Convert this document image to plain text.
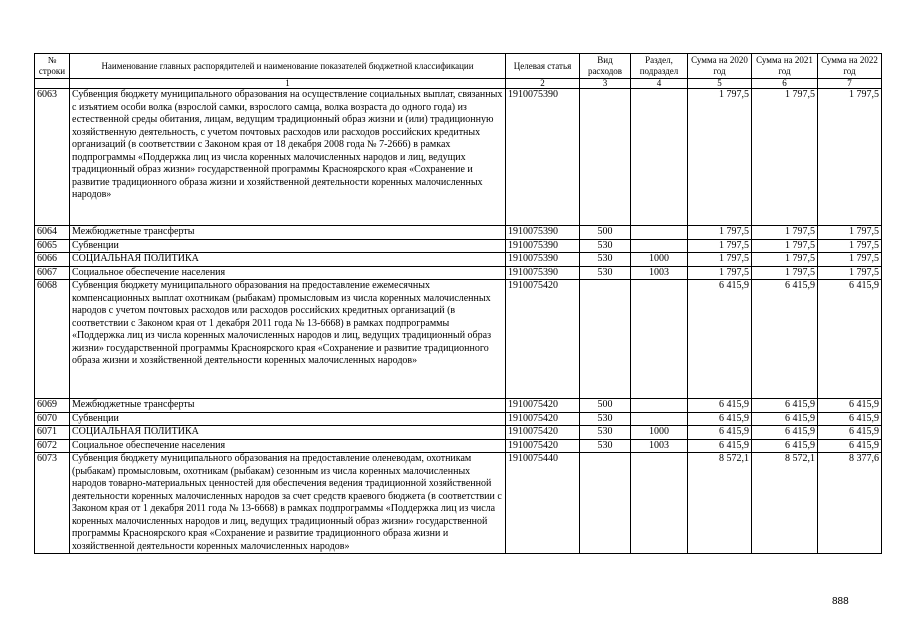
№ строки	Наименование главных распорядителей и наименование показателей бюджетной классификации	Целевая статья	Вид расходов	Раздел, подраздел	Сумма на 2020 год	Сумма на 2021 год	Сумма на 2022 год
	1	2	3	4	5	6	7
6063	Субвенция бюджету муниципального образования на осуществление социальных выплат, связанных с изъятием особи волка (взрослой самки, взрослого самца, волка возраста до одного года) из естественной среды обитания, лицам, ведущим традиционный образ жизни и (или) традиционную хозяйственную деятельность, с учетом почтовых расходов или расходов российских кредитных организаций (в соответствии с Законом края от 18 декабря 2008 года № 7-2666) в рамках подпрограммы «Поддержка лиц из числа коренных малочисленных народов и лиц, ведущих традиционный образ жизни» государственной программы Красноярского края «Сохранение и развитие традиционного образа жизни и хозяйственной деятельности коренных малочисленных народов»	1910075390			1 797,5	1 797,5	1 797,5
6064	Межбюджетные трансферты	1910075390	500		1 797,5	1 797,5	1 797,5
6065	Субвенции	1910075390	530		1 797,5	1 797,5	1 797,5
6066	СОЦИАЛЬНАЯ ПОЛИТИКА	1910075390	530	1000	1 797,5	1 797,5	1 797,5
6067	Социальное обеспечение населения	1910075390	530	1003	1 797,5	1 797,5	1 797,5
6068	Субвенция бюджету муниципального образования на предоставление ежемесячных компенсационных выплат охотникам (рыбакам) промысловым из числа коренных малочисленных народов с учетом почтовых расходов или расходов российских кредитных организаций (в соответствии с Законом края от 1 декабря 2011 года № 13-6668) в рамках подпрограммы «Поддержка лиц из числа коренных малочисленных народов и лиц, ведущих традиционный образ жизни» государственной программы Красноярского края «Сохранение и развитие традиционного образа жизни и хозяйственной деятельности коренных малочисленных народов»	1910075420			6 415,9	6 415,9	6 415,9
6069	Межбюджетные трансферты	1910075420	500		6 415,9	6 415,9	6 415,9
6070	Субвенции	1910075420	530		6 415,9	6 415,9	6 415,9
6071	СОЦИАЛЬНАЯ ПОЛИТИКА	1910075420	530	1000	6 415,9	6 415,9	6 415,9
6072	Социальное обеспечение населения	1910075420	530	1003	6 415,9	6 415,9	6 415,9
6073	Субвенция бюджету муниципального образования на предоставление оленеводам, охотникам (рыбакам) промысловым, охотникам (рыбакам) сезонным из числа коренных малочисленных народов товарно-материальных ценностей для обеспечения ведения традиционной хозяйственной деятельности коренных малочисленных народов за счет средств краевого бюджета (в соответствии с Законом края от 1 декабря 2011 года № 13-6668) в рамках подпрограммы «Поддержка лиц из числа коренных малочисленных народов и лиц, ведущих традиционный образ жизни» государственной программы Красноярского края «Сохранение и развитие традиционного образа жизни и хозяйственной деятельности коренных малочисленных народов»	1910075440			8 572,1	8 572,1	8 377,6
888
